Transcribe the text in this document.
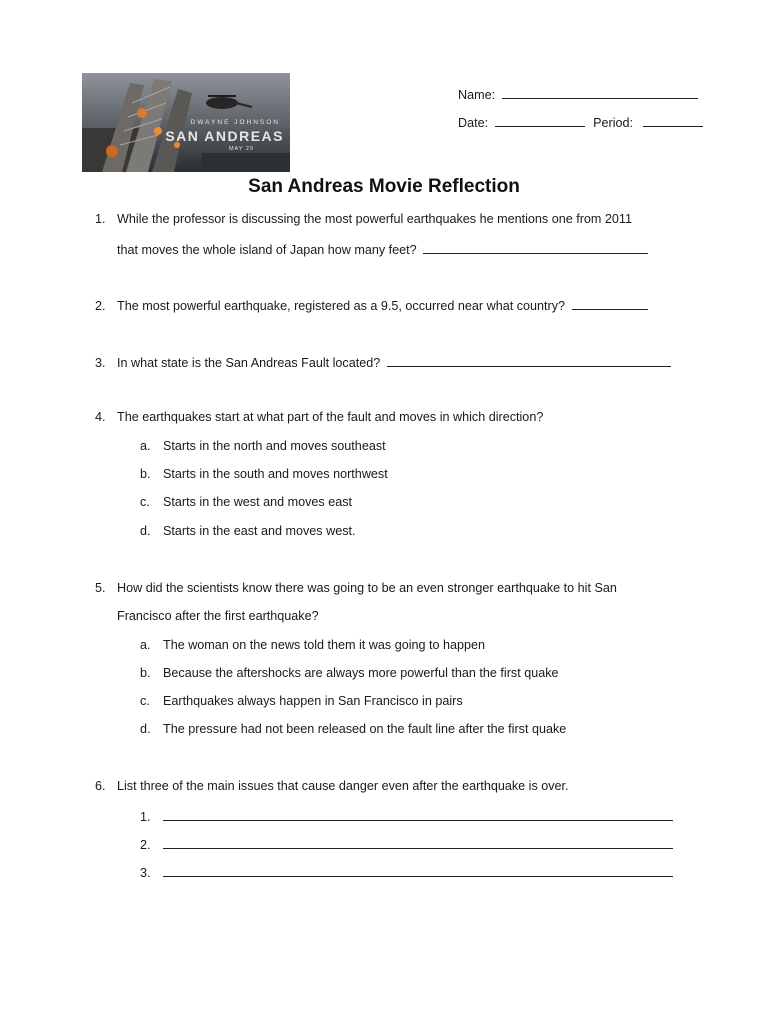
DWAYNE JOHNSON
SAN ANDREAS
MAY 29
Name:
Date:	Period:
San Andreas Movie Reflection
1. While the professor is discussing the most powerful earthquakes he mentions one from 2011
that moves the whole island of Japan how many feet?
2. The most powerful earthquake, registered as a 9.5, occurred near what country?
3. In what state is the San Andreas Fault located?
4. The earthquakes start at what part of the fault and moves in which direction?
a. Starts in the north and moves southeast
b. Starts in the south and moves northwest
c. Starts in the west and moves east
d. Starts in the east and moves west.
5. How did the scientists know there was going to be an even stronger earthquake to hit San
Francisco after the first earthquake?
a. The woman on the news told them it was going to happen
b. Because the aftershocks are always more powerful than the first quake
c. Earthquakes always happen in San Francisco in pairs
d. The pressure had not been released on the fault line after the first quake
6. List three of the main issues that cause danger even after the earthquake is over.
1.
2.
3.
